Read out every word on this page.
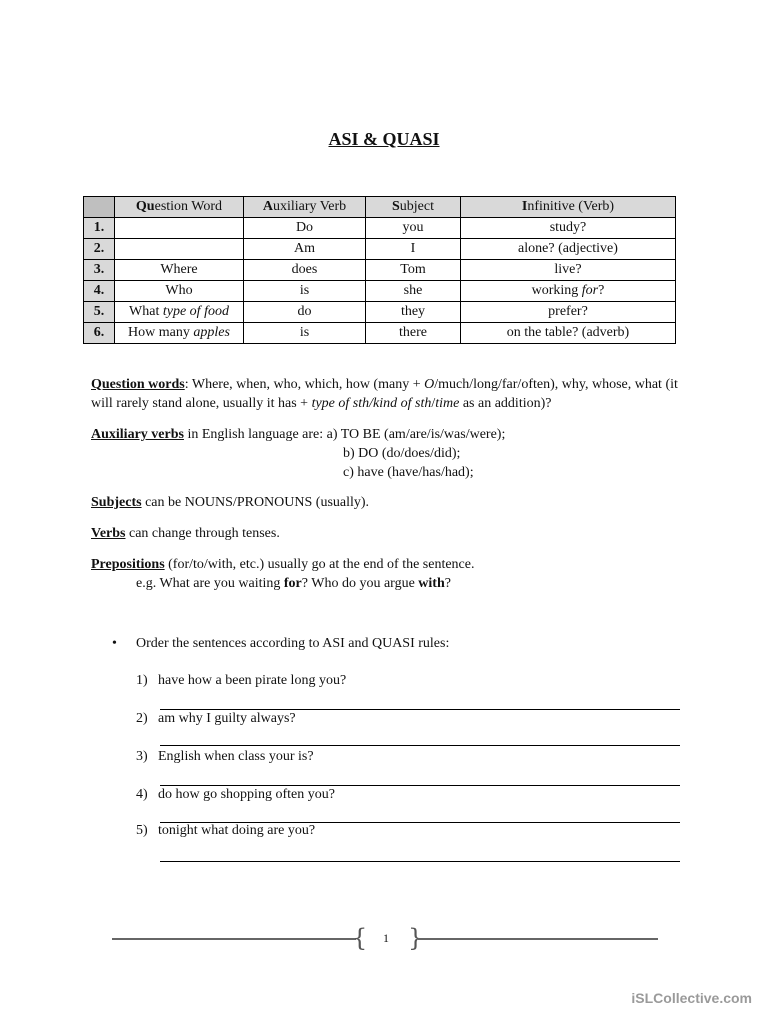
ASI & QUASI
	Question Word	Auxiliary Verb	Subject	Infinitive (Verb)
1.		Do	you	study?
2.		Am	I	alone? (adjective)
3.	Where	does	Tom	live?
4.	Who	is	she	working for?
5.	What type of food	do	they	prefer?
6.	How many apples	is	there	on the table? (adverb)
Question words: Where, when, who, which, how (many + O/much/long/far/often), why, whose, what (it will rarely stand alone, usually it has + type of sth/kind of sth/time as an addition)?
Auxiliary verbs in English language are: a) TO BE (am/are/is/was/were);
b) DO (do/does/did);
c) have (have/has/had);
Subjects can be NOUNS/PRONOUNS (usually).
Verbs can change through tenses.
Prepositions (for/to/with, etc.) usually go at the end of the sentence.
e.g. What are you waiting for? Who do you argue with?
• Order the sentences according to ASI and QUASI rules:
1) have how a been pirate long you?
2) am why I guilty always?
3) English when class your is?
4) do how go shopping often you?
5) tonight what doing are you?
{	1 }
iSLCollective.com
